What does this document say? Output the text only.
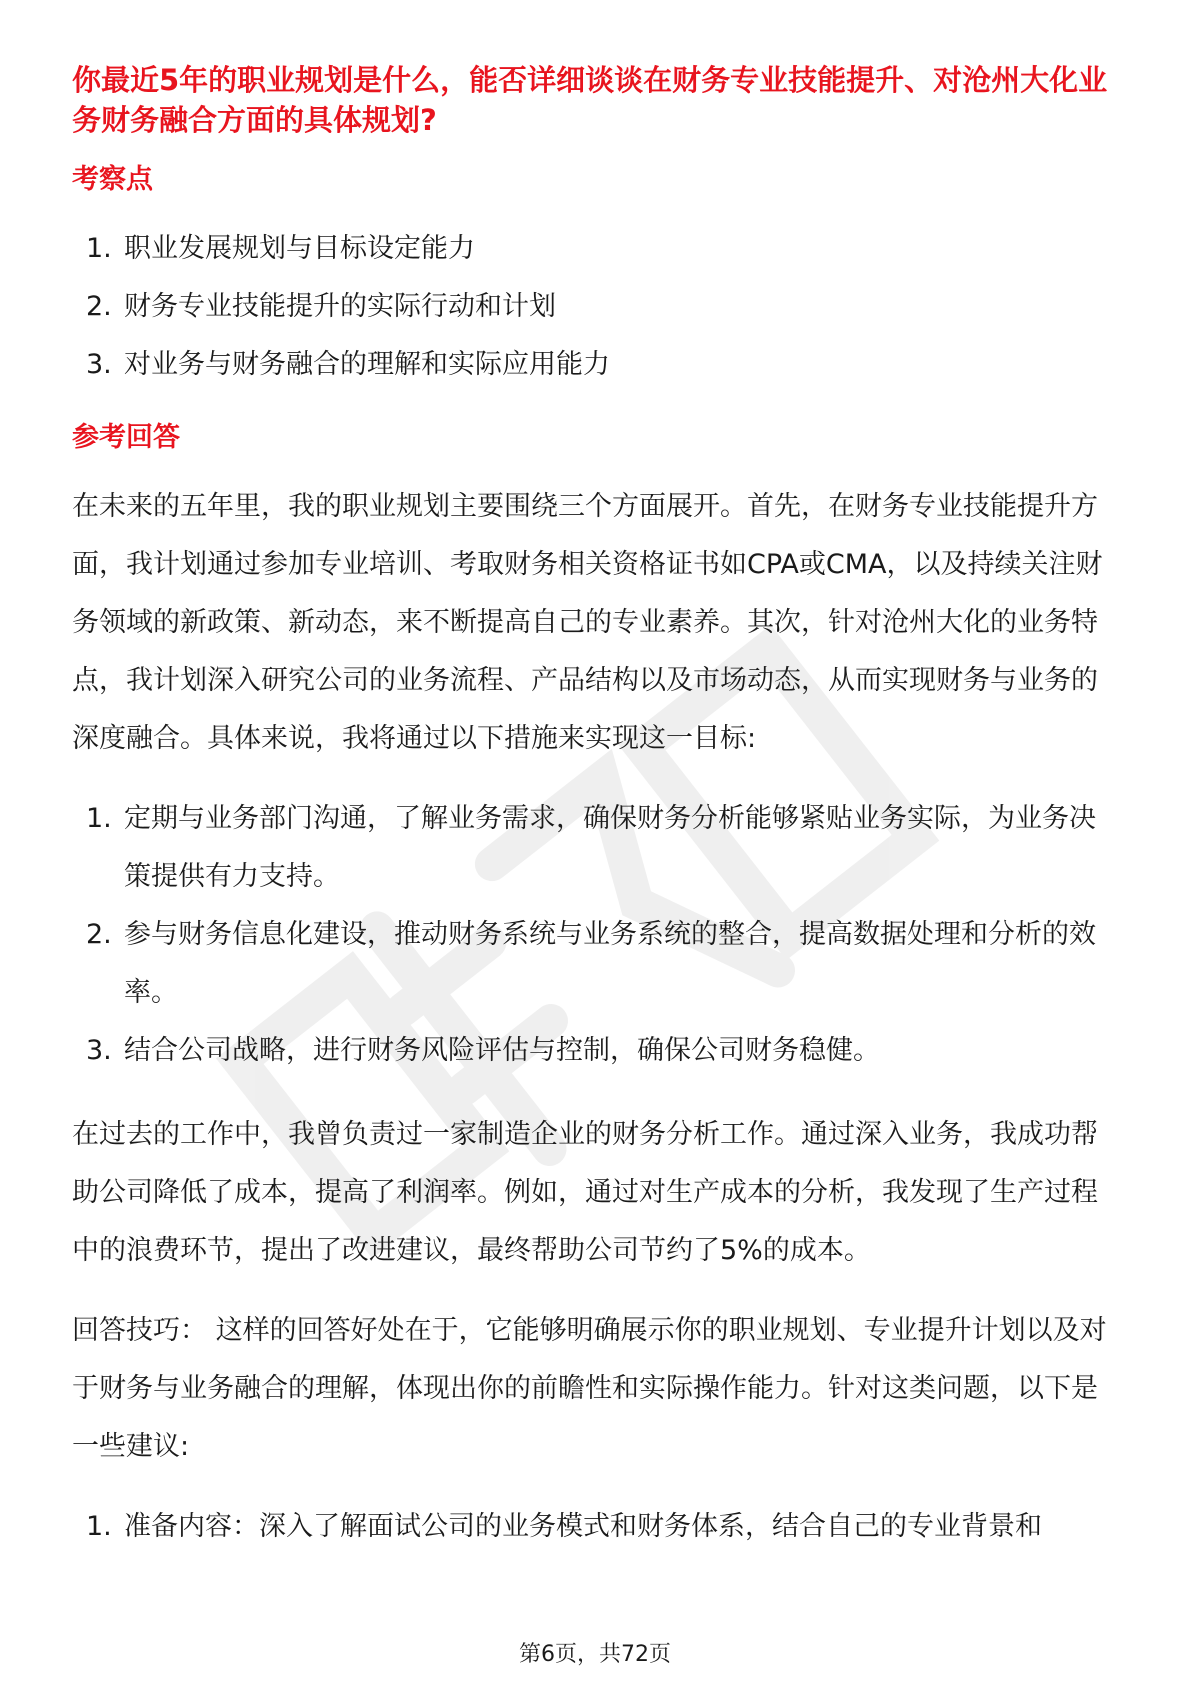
你最近5年的职业规划是什么，能否详细谈谈在财务专业技能提升、对沧州大化业务财务融合方面的具体规划?
考察点
1. 职业发展规划与目标设定能力
2. 财务专业技能提升的实际行动和计划
3. 对业务与财务融合的理解和实际应用能力
参考回答

在未来的五年里，我的职业规划主要围绕三个方面展开。首先，在财务专业技能提升方面，我计划通过参加专业培训、考取财务相关资格证书如CPA或CMA，以及持续关注财务领域的新政策、新动态，来不断提高自己的专业素养。其次，针对沧州大化的业务特点，我计划深入研究公司的业务流程、产品结构以及市场动态，从而实现财务与业务的深度融合。具体来说，我将通过以下措施来实现这一目标:

1. 定期与业务部门沟通，了解业务需求，确保财务分析能够紧贴业务实际，为业务决策提供有力支持。
2. 参与财务信息化建设，推动财务系统与业务系统的整合，提高数据处理和分析的效率。
3. 结合公司战略，进行财务风险评估与控制，确保公司财务稳健。

在过去的工作中，我曾负责过一家制造企业的财务分析工作。通过深入业务，我成功帮助公司降低了成本，提高了利润率。例如，通过对生产成本的分析，我发现了生产过程中的浪费环节，提出了改进建议，最终帮助公司节约了5%的成本。

回答技巧： 这样的回答好处在于，它能够明确展示你的职业规划、专业提升计划以及对于财务与业务融合的理解，体现出你的前瞻性和实际操作能力。针对这类问题，以下是一些建议:

1. 准备内容：深入了解面试公司的业务模式和财务体系，结合自己的专业背景和
第6页，共72页
